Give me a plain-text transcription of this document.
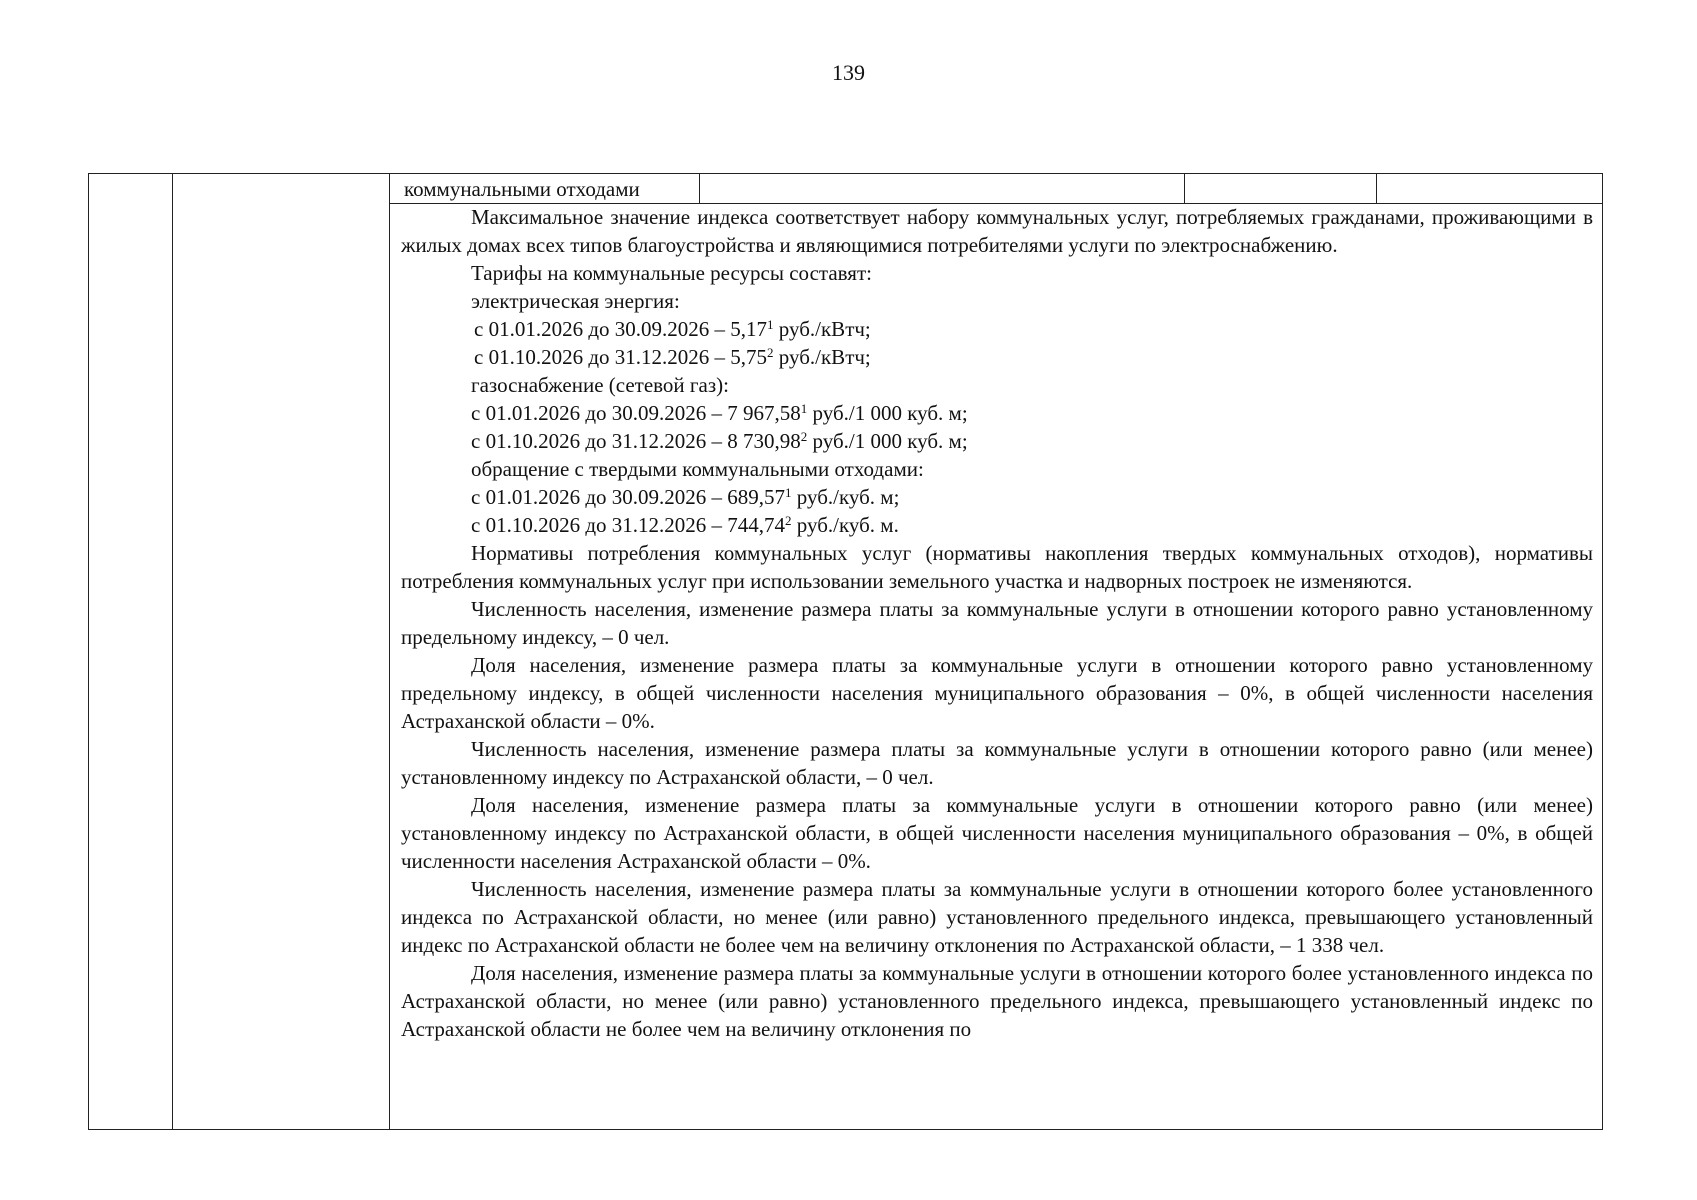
139
коммунальными отходами

Максимальное значение индекса соответствует набору коммунальных услуг, потребляемых гражданами, проживающими в жилых домах всех типов благоустройства и являющимися потребителями услуги по электроснабжению.

Тарифы на коммунальные ресурсы составят:

электрическая энергия:

с 01.01.2026 до 30.09.2026 – 5,17$^1$ руб./кВтч;

с 01.10.2026 до 31.12.2026 – 5,75$^2$ руб./кВтч;

газоснабжение (сетевой газ):

с 01.01.2026 до 30.09.2026 – 7 967,58$^1$ руб./1 000 куб. м;

с 01.10.2026 до 31.12.2026 – 8 730,98$^2$ руб./1 000 куб. м;

обращение с твердыми коммунальными отходами:

с 01.01.2026 до 30.09.2026 – 689,57$^1$ руб./куб. м;

с 01.10.2026 до 31.12.2026 – 744,74$^2$ руб./куб. м.

Нормативы потребления коммунальных услуг (нормативы накопления твердых коммунальных отходов), нормативы потребления коммунальных услуг при использовании земельного участка и надворных построек не изменяются.

Численность населения, изменение размера платы за коммунальные услуги в отношении которого равно установленному предельному индексу, – 0 чел.

Доля населения, изменение размера платы за коммунальные услуги в отношении которого равно установленному предельному индексу, в общей численности населения муниципального образования – 0%, в общей численности населения Астраханской области – 0%.

Численность населения, изменение размера платы за коммунальные услуги в отношении которого равно (или менее) установленному индексу по Астраханской области, – 0 чел.

Доля населения, изменение размера платы за коммунальные услуги в отношении которого равно (или менее) установленному индексу по Астраханской области, в общей численности населения муниципального образования – 0%, в общей численности населения Астраханской области – 0%.

Численность населения, изменение размера платы за коммунальные услуги в отношении которого более установленного индекса по Астраханской области, но менее (или равно) установленного предельного индекса, превышающего установленный индекс по Астраханской области не более чем на величину отклонения по Астраханской области, – 1 338 чел.

Доля населения, изменение размера платы за коммунальные услуги в отношении которого более установленного индекса по Астраханской области, но менее (или равно) установленного предельного индекса, превышающего установленный индекс по Астраханской области не более чем на величину отклонения по
